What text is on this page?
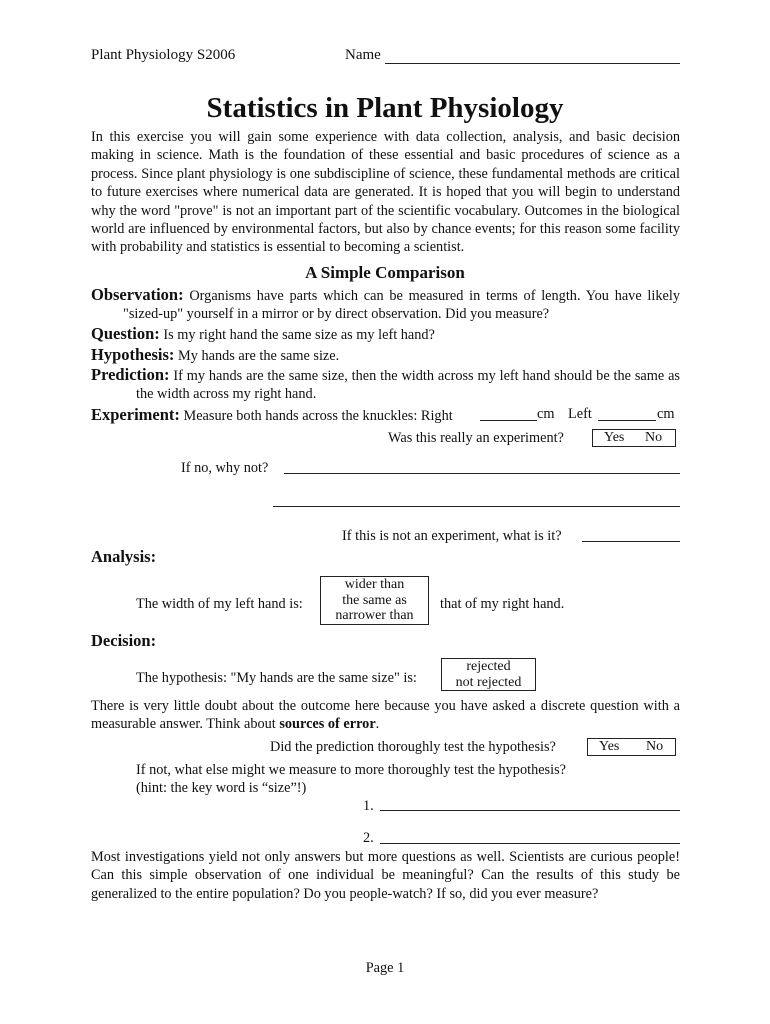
Plant Physiology S2006	Name
Statistics in Plant Physiology
In this exercise you will gain some experience with data collection, analysis, and basic decision making in science. Math is the foundation of these essential and basic procedures of science as a process. Since plant physiology is one subdiscipline of science, these fundamental methods are critical to future exercises where numerical data are generated. It is hoped that you will begin to understand why the word "prove" is not an important part of the scientific vocabulary. Outcomes in the biological world are influenced by environmental factors, but also by chance events; for this reason some facility with probability and statistics is essential to becoming a scientist.
A Simple Comparison
Observation: Organisms have parts which can be measured in terms of length. You have likely "sized-up" yourself in a mirror or by direct observation. Did you measure?
Question: Is my right hand the same size as my left hand?
Hypothesis: My hands are the same size.
Prediction: If my hands are the same size, then the width across my left hand should be the same as the width across my right hand.
Experiment: Measure both hands across the knuckles: Right	cm Left	cm
Was this really an experiment?	Yes No
If no, why not?
If this is not an experiment, what is it?
Analysis:
The width of my left hand is:
wider than
the same as
narrower than
that of my right hand.
Decision:
The hypothesis: "My hands are the same size" is:
rejected
not rejected
There is very little doubt about the outcome here because you have asked a discrete question with a measurable answer. Think about sources of error.
Did the prediction thoroughly test the hypothesis?	Yes No
If not, what else might we measure to more thoroughly test the hypothesis?
(hint: the key word is “size”!)
1.
2.
Most investigations yield not only answers but more questions as well. Scientists are curious people! Can this simple observation of one individual be meaningful? Can the results of this study be generalized to the entire population? Do you people-watch? If so, did you ever measure?
Page 1
